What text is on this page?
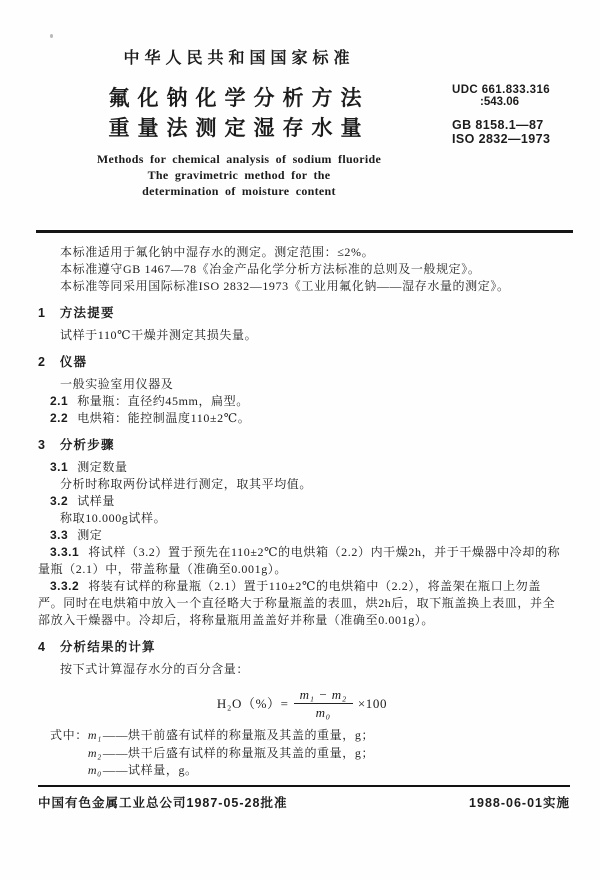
中华人民共和国国家标准
氟化钠化学分析方法
重量法测定湿存水量
Methods for chemical analysis of sodium fluoride
The gravimetric method for the
determination of moisture content
UDC 661.833.316
:543.06
GB 8158.1—87
ISO 2832—1973

本标准适用于氟化钠中湿存水的测定。测定范围：≤2%。

本标准遵守GB 1467—78《冶金产品化学分析方法标准的总则及一般规定》。

本标准等同采用国际标准ISO 2832—1973《工业用氟化钠——湿存水量的测定》。

1　方法提要

试样于110℃干燥并测定其损失量。

2　仪器

一般实验室用仪器及

2.1 称量瓶：直径约45mm，扁型。

2.2 电烘箱：能控制温度110±2℃。

3　分析步骤

3.1 测定数量

分析时称取两份试样进行测定，取其平均值。

3.2 试样量

称取10.000g试样。

3.3 测定

3.3.1 将试样（3.2）置于预先在110±2℃的电烘箱（2.2）内干燥2h，并于干燥器中冷却的称量瓶（2.1）中，带盖称量（准确至0.001g）。

3.3.2 将装有试样的称量瓶（2.1）置于110±2℃的电烘箱中（2.2），将盖架在瓶口上勿盖严。同时在电烘箱中放入一个直径略大于称量瓶盖的表皿，烘2h后，取下瓶盖换上表皿，并全部放入干燥器中。冷却后，将称量瓶用盖盖好并称量（准确至0.001g）。

4　分析结果的计算

按下式计算湿存水分的百分含量：

$H_2O(\%)= \frac{\text{m₁ − m₂}}{\text{m₀}} \times 100$

式中： m₁——烘干前盛有试样的称量瓶及其盖的重量，g；
m₂——烘干后盛有试样的称量瓶及其盖的重量，g；
m₀——试样量，g。
中国有色金属工业总公司1987-05-28批准	1988-06-01实施
